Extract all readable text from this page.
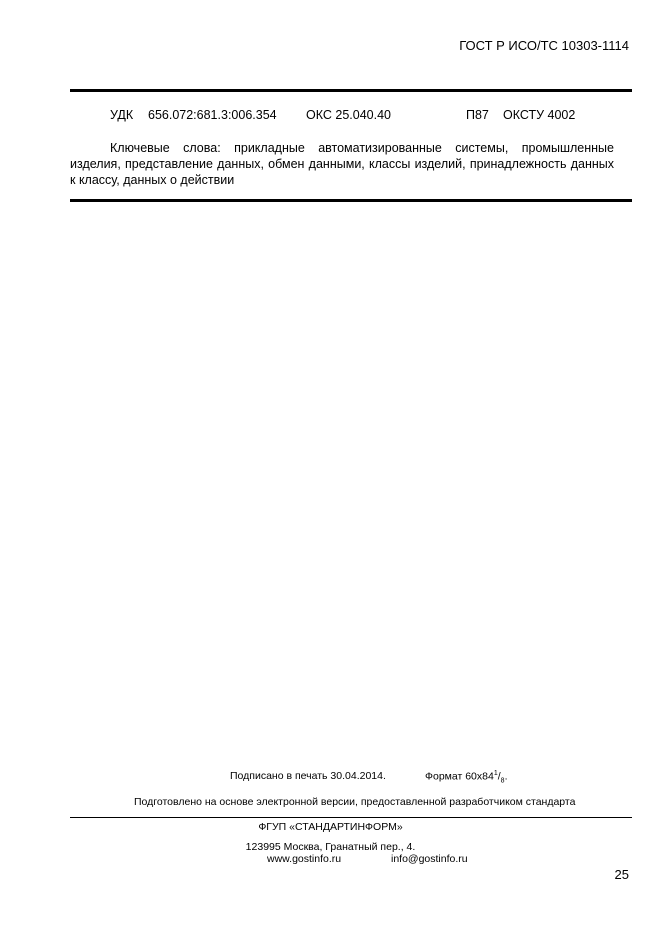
ГОСТ Р ИСО/ТС 10303-1114
УДК 656.072:681.3:006.354 ОКС 25.040.40	П87 ОКСТУ 4002
Ключевые слова: прикладные автоматизированные системы, промышленные изделия, представление данных, обмен данными, классы изделий, принадлежность данных к классу, данных о действии
Подписано в печать 30.04.2014.	Формат $60x84^1/_8$.
Подготовлено на основе электронной версии, предоставленной разработчиком стандарта
ФГУП «СТАНДАРТИНФОРМ»
123995 Москва, Гранатный пер., 4.
www.gostinfo.ru	info@gostinfo.ru
25
